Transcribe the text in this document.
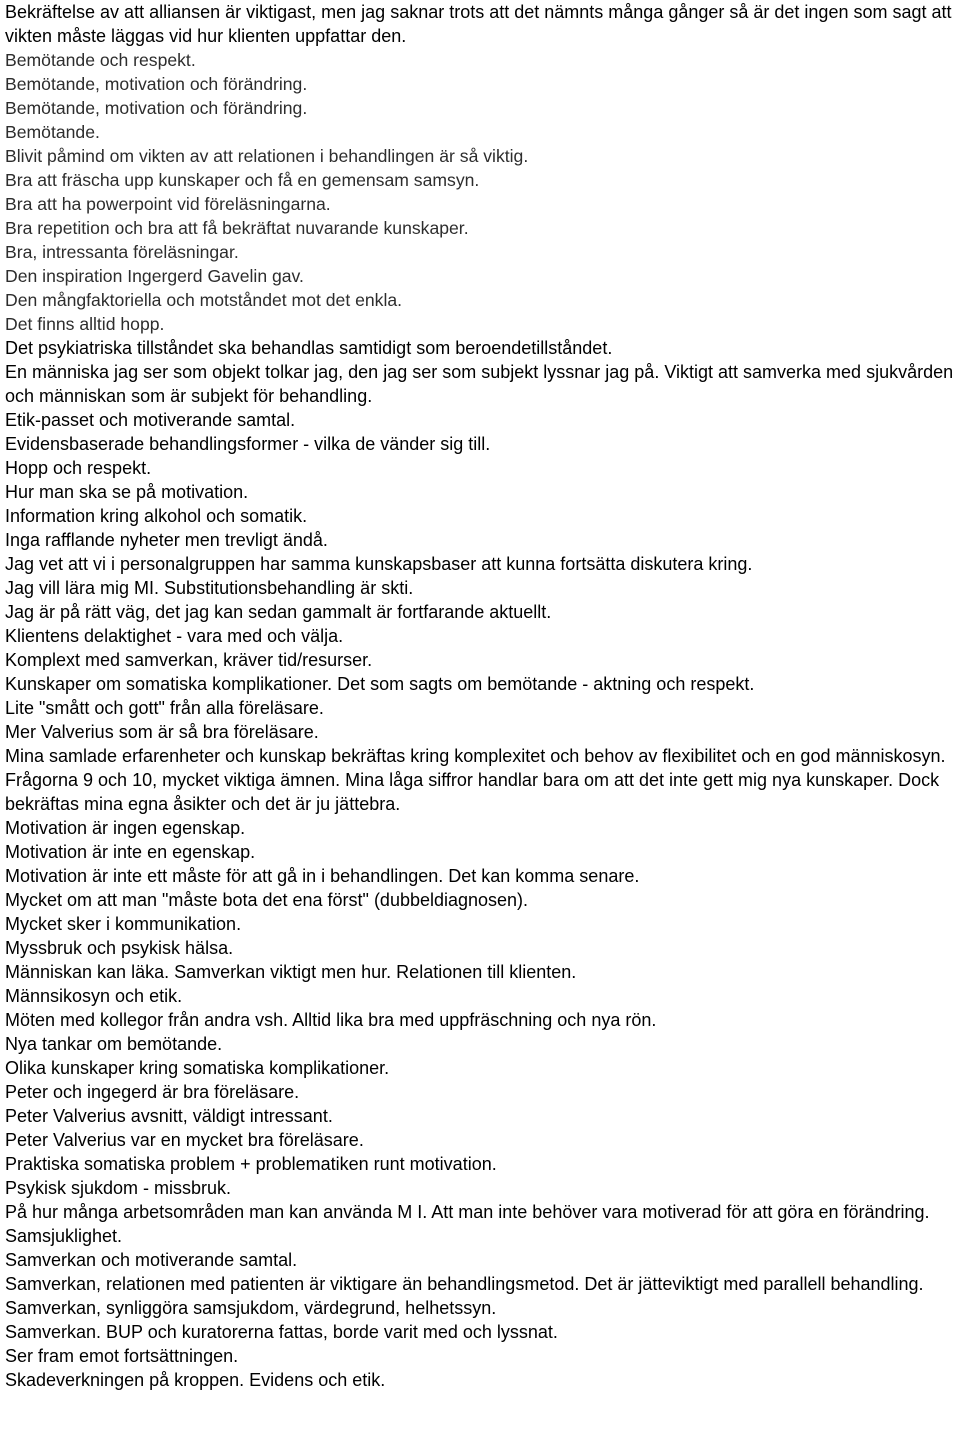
Bekräftelse av att alliansen är viktigast, men jag saknar trots att det nämnts många gånger så är det ingen som sagt att vikten måste läggas vid hur klienten uppfattar den.
Bemötande och respekt.
Bemötande, motivation och förändring.
Bemötande, motivation och förändring.
Bemötande.
Blivit påmind om vikten av att relationen i behandlingen är så viktig.
Bra att fräscha upp kunskaper och få en gemensam samsyn.
Bra att ha powerpoint vid föreläsningarna.
Bra repetition och bra att få bekräftat nuvarande kunskaper.
Bra, intressanta föreläsningar.
Den inspiration Ingergerd Gavelin gav.
Den mångfaktoriella och motståndet mot det enkla.
Det finns alltid hopp.
Det psykiatriska tillståndet ska behandlas samtidigt som beroendetillståndet.
En människa jag ser som objekt tolkar jag, den jag ser som subjekt lyssnar jag på. Viktigt att samverka med sjukvården och människan som är subjekt för behandling.
Etik-passet och motiverande samtal.
Evidensbaserade behandlingsformer - vilka de vänder sig till.
Hopp och respekt.
Hur man ska se på motivation.
Information kring alkohol och somatik.
Inga rafflande nyheter men trevligt ändå.
Jag vet att vi i personalgruppen har samma kunskapsbaser att kunna fortsätta diskutera kring.
Jag vill lära mig MI. Substitutionsbehandling är skti.
Jag är på rätt väg, det jag kan sedan gammalt är fortfarande aktuellt.
Klientens delaktighet - vara med och välja.
Komplext med samverkan, kräver tid/resurser.
Kunskaper om somatiska komplikationer. Det som sagts om bemötande - aktning och respekt.
Lite "smått och gott" från alla föreläsare.
Mer Valverius som är så bra föreläsare.
Mina samlade erfarenheter och kunskap bekräftas kring komplexitet och behov av flexibilitet och en god människosyn. Frågorna 9 och 10, mycket viktiga ämnen. Mina låga siffror handlar bara om att det inte gett mig nya kunskaper. Dock bekräftas mina egna åsikter och det är ju jättebra.
Motivation är ingen egenskap.
Motivation är inte en egenskap.
Motivation är inte ett måste för att gå in i behandlingen. Det kan komma senare.
Mycket om att man "måste bota det ena först" (dubbeldiagnosen).
Mycket sker i kommunikation.
Myssbruk och psykisk hälsa.
Människan kan läka. Samverkan viktigt men hur. Relationen till klienten.
Männsikosyn och etik.
Möten med kollegor från andra vsh. Alltid lika bra med uppfräschning och nya rön.
Nya tankar om bemötande.
Olika kunskaper kring somatiska komplikationer.
Peter och ingegerd är bra föreläsare.
Peter Valverius avsnitt, väldigt intressant.
Peter Valverius var en mycket bra föreläsare.
Praktiska somatiska problem + problematiken runt motivation.
Psykisk sjukdom - missbruk.
På hur många arbetsområden man kan använda M I. Att man inte behöver vara motiverad för att göra en förändring.
Samsjuklighet.
Samverkan och motiverande samtal.
Samverkan, relationen med patienten är viktigare än behandlingsmetod. Det är jätteviktigt med parallell behandling.
Samverkan, synliggöra samsjukdom, värdegrund, helhetssyn.
Samverkan. BUP och kuratorerna fattas, borde varit med och lyssnat.
Ser fram emot fortsättningen.
Skadeverkningen på kroppen. Evidens och etik.
